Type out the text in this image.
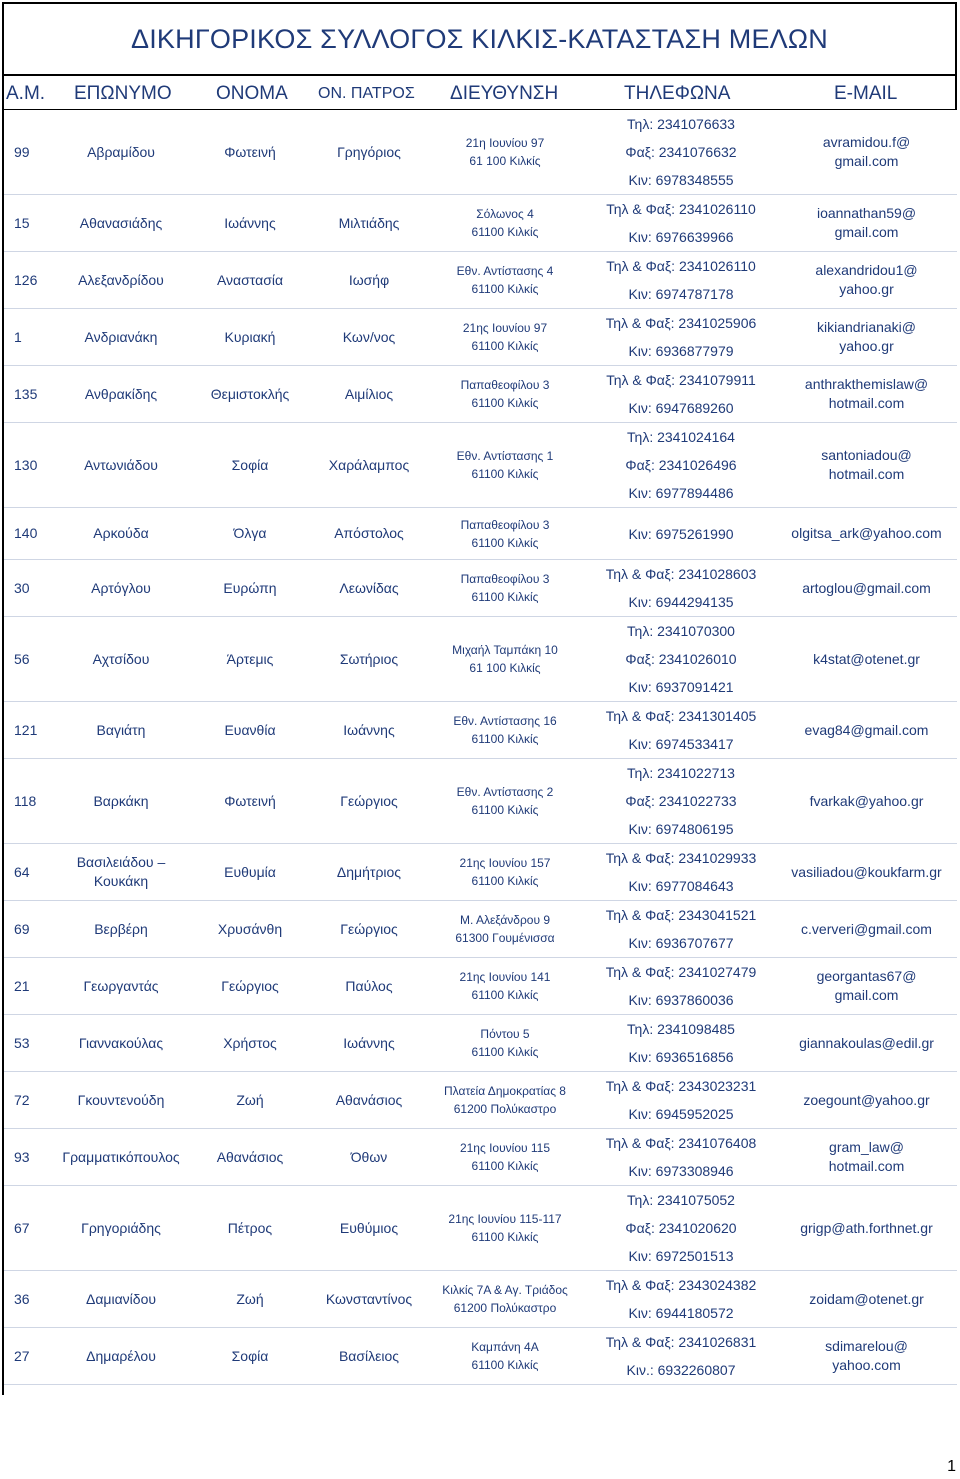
ΔΙΚΗΓΟΡΙΚΟΣ ΣΥΛΛΟΓΟΣ ΚΙΛΚΙΣ-ΚΑΤΑΣΤΑΣΗ ΜΕΛΩΝ
Α.Μ. ΕΠΩΝΥΜΟ ΟΝΟΜΑ ΟΝ. ΠΑΤΡΟΣ ΔΙΕΥΘΥΝΣΗ	ΤΗΛΕΦΩΝΑ	E-MAIL
99	Αβραμίδου	Φωτεινή	Γρηγόριος	21η Ιουνίου 97
61 100 Κιλκίς	Τηλ: 2341076633
Φαξ: 2341076632
Κιν: 6978348555	avramidou.f@
gmail.com

15	Αθανασιάδης	Ιωάννης	Μιλτιάδης	Σόλωνος 4
61100 Κιλκίς	Τηλ & Φαξ: 2341026110
Κιν: 6976639966	ioannathan59@
gmail.com

126	Αλεξανδρίδου	Αναστασία	Ιωσήφ	Εθν. Αντίστασης 4
61100 Κιλκίς	Τηλ & Φαξ: 2341026110
Κιν: 6974787178	alexandridou1@
yahoo.gr

1	Ανδριανάκη	Κυριακή	Κων/νος	21ης Ιουνίου 97
61100 Κιλκίς	Τηλ & Φαξ: 2341025906
Κιν: 6936877979	kikiandrianaki@
yahoo.gr

135	Ανθρακίδης	Θεμιστοκλής	Αιμίλιος	Παπαθεοφίλου 3
61100 Κιλκίς	Τηλ & Φαξ: 2341079911
Κιν: 6947689260	anthrakthemislaw@
hotmail.com

130	Αντωνιάδου	Σοφία	Χαράλαμπος	Εθν. Αντίστασης 1
61100 Κιλκίς	Τηλ: 2341024164
Φαξ: 2341026496
Κιν: 6977894486	santoniadou@
hotmail.com

140	Αρκούδα	Όλγα	Απόστολος	Παπαθεοφίλου 3
61100 Κιλκίς	Κιν: 6975261990	olgitsa_ark@yahoo.com

30	Αρτόγλου	Ευρώπη	Λεωνίδας	Παπαθεοφίλου 3
61100 Κιλκίς	Τηλ & Φαξ: 2341028603
Κιν: 6944294135	artoglou@gmail.com

56	Αχτσίδου	Άρτεμις	Σωτήριος	Μιχαήλ Ταμπάκη 10
61 100 Κιλκίς	Τηλ: 2341070300
Φαξ: 2341026010
Κιν: 6937091421	k4stat@otenet.gr

121	Βαγιάτη	Ευανθία	Ιωάννης	Εθν. Αντίστασης 16
61100 Κιλκίς	Τηλ & Φαξ: 2341301405
Κιν: 6974533417	evag84@gmail.com

118	Βαρκάκη	Φωτεινή	Γεώργιος	Εθν. Αντίστασης 2
61100 Κιλκίς	Τηλ: 2341022713
Φαξ: 2341022733
Κιν: 6974806195	fvarkak@yahoo.gr

64	Βασιλειάδου – Κουκάκη	Ευθυμία	Δημήτριος	21ης Ιουνίου 157
61100 Κιλκίς	Τηλ & Φαξ: 2341029933
Κιν: 6977084643	vasiliadou@koukfarm.gr

69	Βερβέρη	Χρυσάνθη	Γεώργιος	Μ. Αλεξάνδρου 9
61300 Γουμένισσα	Τηλ & Φαξ: 2343041521
Κιν: 6936707677	c.ververi@gmail.com

21	Γεωργαντάς	Γεώργιος	Παύλος	21ης Ιουνίου 141
61100 Κιλκίς	Τηλ & Φαξ: 2341027479
Κιν: 6937860036	georgantas67@
gmail.com

53	Γιαννακούλας	Χρήστος	Ιωάννης	Πόντου 5
61100 Κιλκίς	Τηλ: 2341098485
Κιν: 6936516856	giannakoulas@edil.gr

72	Γκουντενούδη	Ζωή	Αθανάσιος	Πλατεία Δημοκρατίας 8
61200 Πολύκαστρο	Τηλ & Φαξ: 2343023231
Κιν: 6945952025	zoegount@yahoo.gr

93	Γραμματικόπουλος	Αθανάσιος	Όθων	21ης Ιουνίου 115
61100 Κιλκίς	Τηλ & Φαξ: 2341076408
Κιν: 6973308946	gram_law@
hotmail.com

67	Γρηγοριάδης	Πέτρος	Ευθύμιος	21ης Ιουνίου 115-117
61100 Κιλκίς	Τηλ: 2341075052
Φαξ: 2341020620
Κιν: 6972501513	grigp@ath.forthnet.gr

36	Δαμιανίδου	Ζωή	Κωνσταντίνος	Κιλκίς 7Α & Αγ. Τριάδος
61200 Πολύκαστρο	Τηλ & Φαξ: 2343024382
Κιν: 6944180572	zoidam@otenet.gr

27	Δημαρέλου	Σοφία	Βασίλειος	Καμπάνη 4Α
61100 Κιλκίς	Τηλ & Φαξ: 2341026831
Κιν.: 6932260807	sdimarelou@
yahoo.com

1
